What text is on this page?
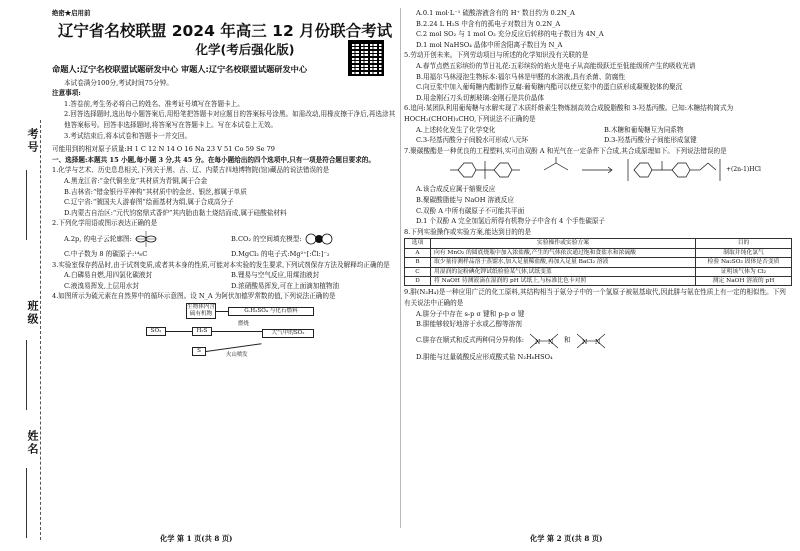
考号
班级
姓名
绝密★启用前
辽宁省名校联盟 2024 年高三 12 月份联合考试
化学(考后强化版)
命题人:辽宁名校联盟试题研发中心 审题人:辽宁名校联盟试题研发中心
本试卷满分100分,考试时间75分钟。
注意事项:
1.答卷前,考生务必将自己的姓名、准考证号填写在答题卡上。
2.回答选择题时,选出每小题答案后,用铅笔把答题卡对应题目的答案标号涂黑。如需改动,用橡皮擦干净后,再选涂其他答案标号。回答非选择题时,将答案写在答题卡上。写在本试卷上无效。
3.考试结束后,将本试卷和答题卡一并交回。
可能用到的相对原子质量:H 1 C 12 N 14 O 16 Na 23 V 51 Co 59 Se 79
一、选择题:本题共 15 小题,每小题 3 分,共 45 分。在每小题给出的四个选项中,只有一项是符合题目要求的。
1.化学与艺术、历史息息相关,下列关于黑、吉、辽、内蒙古四地博物院(馆)藏品的说法错误的是
A.黑龙江省:“金代铜坐龙”其材质为青铜,属于合金
B.吉林省:“错金银丹平神构”其材质中的金丝、银丝,都属于单质
C.辽宁省:“虢国夫人游春图”绘画基材为绢,属于合成高分子
D.内蒙古自治区:“元代钧窑鼎式香炉”其内胎由黏土烧结而成,属于硅酸盐材料
2.下列化学用语或图示表达正确的是
A.2p, 的电子云轮廓图:	B.CO₂ 的空间填充模型:
C.中子数为 8 的碳原子:¹⁴₆C	D.MgCl₂ 的电子式:Mg²⁺[:C̈l:]⁻₂
3.实验室保存药品时,由于试剂变质,或者其本身的性质,可能对本实验的发生要求,下列试剂保存方法及解释均正确的是
A.白磷易自燃,用四氯化碳液封	B.锂易与空气反应,用煤油液封
C.液溴易挥发,上层用水封	D.浓硝酸易挥发,可在上面滴加植物油
4.如图所示为硫元素在自然界中的循环示意图。设 N_A 为阿伏加德罗常数的值,下列说法正确的是
生物体内含硫有机物
SO₂	H₂S
S
大气中的SO₂
G.H₂SO₄ 与化石燃料
燃烧
火山喷发
A.0.1 mol·L⁻¹ 硫酸溶液含有的 H⁺ 数目约为 0.2N_A
B.2.24 L H₂S 中含有的孤电子对数目为 0.2N_A
C.2 mol SO₂ 与 1 mol O₂ 充分反应后转移的电子数目为 4N_A
D.1 mol NaHSO₄ 晶体中所含阳离子数目为 N_A
5.劳动开创未来。下列劳动项目与所述的化学知识没有关联的是
A.春节点燃五彩缤纷的节日礼花:五彩缤纷的焰火是电子从高能级跃迁至低能级所产生的吸收光谱
B.用福尔马林浸泡生物标本:福尔马林是甲醛的水溶液,具有杀菌、防腐性
C.向豆浆中加入葡萄糖内酯制作豆腐:葡萄糖内酯可以使豆浆中的蛋白质形成凝聚胶体的聚沉
D.用金刚石刀头切割玻璃:金刚石是共价晶体
6.追问:某团队利用葡萄糖与水解实现了木质纤维素生物炼制高效合成脱脂酸和 3-羟基丙酸。已知:木糖结构简式为 HOCH₂(CHOH)₃CHO,下列说法不正确的是
A.上述转化发生了化学变化	B.木糖和葡萄糖互为同系物
C.3-羟基丙酸分子间脱水可形成八元环	D.3-羟基丙酸分子间能形成氢键
7.聚碳酸酯是一种优良的工程塑料,实可由双酚 A 和光气在一定条件下合成,其合成原理如下。下列说法错误的是
+(2n-1)HCl
A.该合成反应属于缩聚反应
B.聚碳酸脂能与 NaOH 溶液反应
C.双酚 A 中所有碳原子不可能共平面
D.1 个双酚 A 完全加氢后所得有机物分子中含有 4 个手性碳原子
8.下列实验操作或实验方案,能达到目的的是
选项	实验操作或实验方案	目的
A	向有 MnO₂ 的圆底烧瓶中加入浓盐酸,产生的气体依次通过饱和食盐水和浓硫酸	制取并纯化氯气
B	取少量待测样品溶于蒸馏水,加入足量稀盐酸,再加入足量 BaCl₂ 溶液	检验 Na₂SO₃ 固体是否变质
C	用湿润的淀粉碘化钾试纸检验某气体,试纸变蓝	证明该气体为 Cl₂
D	将 NaOH 待测液滴在湿润的 pH 试纸上,与标准比色卡对照	测定 NaOH 溶液的 pH
9.肼(N₂H₄)是一种应用广泛的化工原料,其结构相当于氨分子中的一个氢原子被氨基取代,因此肼与氨在性质上有一定的相似性。下列有关说法中正确的是
A.肼分子中存在 s-p σ 键和 p-p σ 键
B.肼能够较好地溶于水或乙醇等溶剂
C.肼存在顺式和反式两种同分异构体: N N 和 N N
D.肼能与过量硫酸反应形成酸式盐 N₂H₆HSO₄
化学 第 1 页(共 8 页)	化学 第 2 页(共 8 页)
